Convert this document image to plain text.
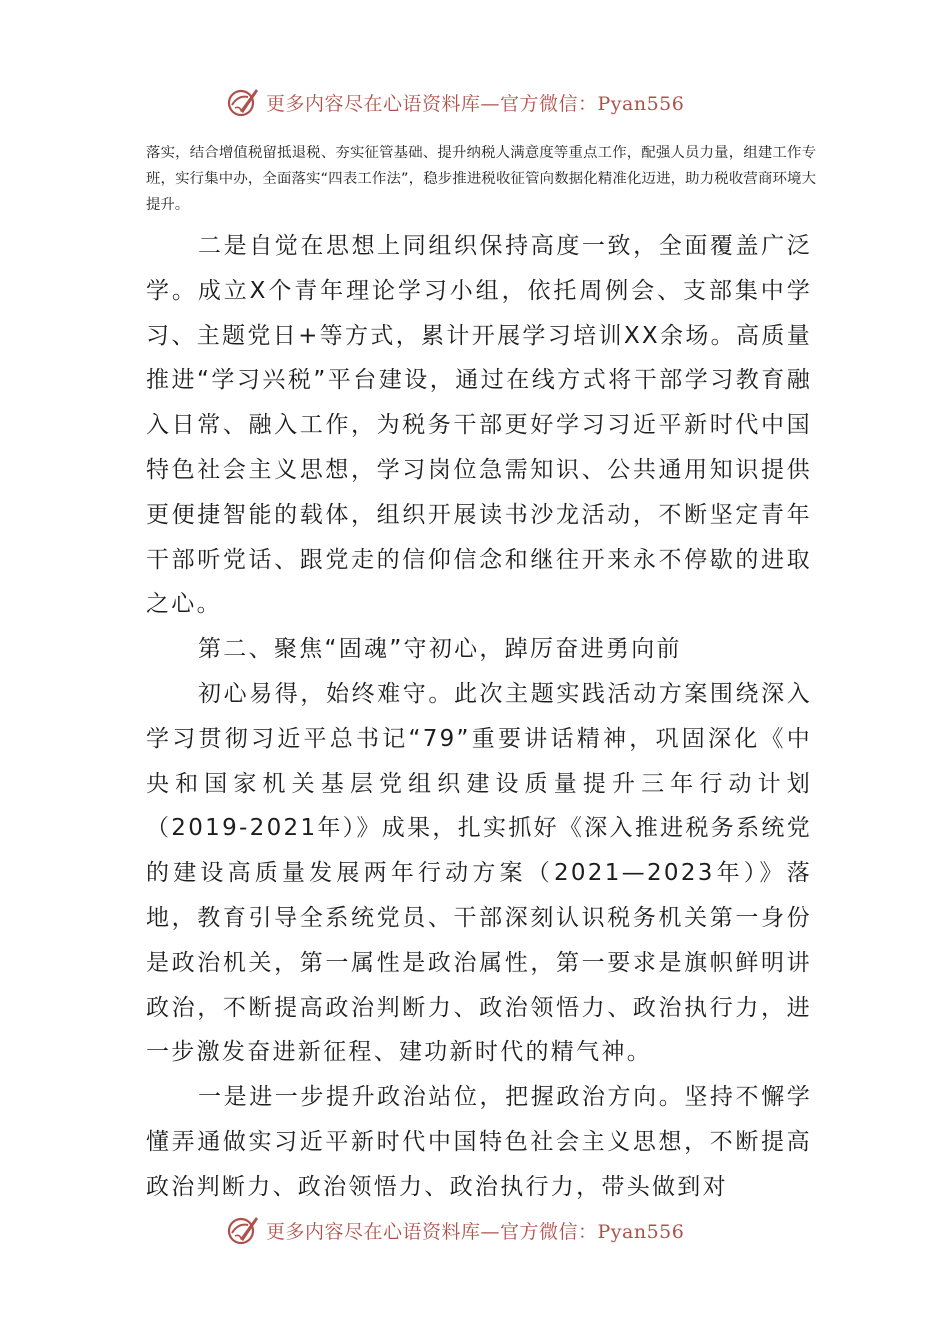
更多内容尽在心语资料库—官方微信：Pyan556

落实，结合增值税留抵退税、夯实征管基础、提升纳税人满意度等重点工作，配强人员力量，组建工作专班，实行集中办，全面落实“四表工作法”，稳步推进税收征管向数据化精准化迈进，助力税收营商环境大提升。

二是自觉在思想上同组织保持高度一致，全面覆盖广泛学。成立X个青年理论学习小组，依托周例会、支部集中学习、主题党日+等方式，累计开展学习培训XX余场。高质量推进“学习兴税”平台建设，通过在线方式将干部学习教育融入日常、融入工作，为税务干部更好学习习近平新时代中国特色社会主义思想，学习岗位急需知识、公共通用知识提供更便捷智能的载体，组织开展读书沙龙活动，不断坚定青年干部听党话、跟党走的信仰信念和继往开来永不停歇的进取之心。

第二、聚焦“固魂”守初心，踔厉奋进勇向前

初心易得，始终难守。此次主题实践活动方案围绕深入学习贯彻习近平总书记“79”重要讲话精神，巩固深化《中央和国家机关基层党组织建设质量提升三年行动计划（2019-2021年）》成果，扎实抓好《深入推进税务系统党的建设高质量发展两年行动方案（2021—2023年）》落地，教育引导全系统党员、干部深刻认识税务机关第一身份是政治机关，第一属性是政治属性，第一要求是旗帜鲜明讲政治，不断提高政治判断力、政治领悟力、政治执行力，进一步激发奋进新征程、建功新时代的精气神。

一是进一步提升政治站位，把握政治方向。坚持不懈学懂弄通做实习近平新时代中国特色社会主义思想，不断提高政治判断力、政治领悟力、政治执行力，带头做到对

更多内容尽在心语资料库—官方微信：Pyan556
